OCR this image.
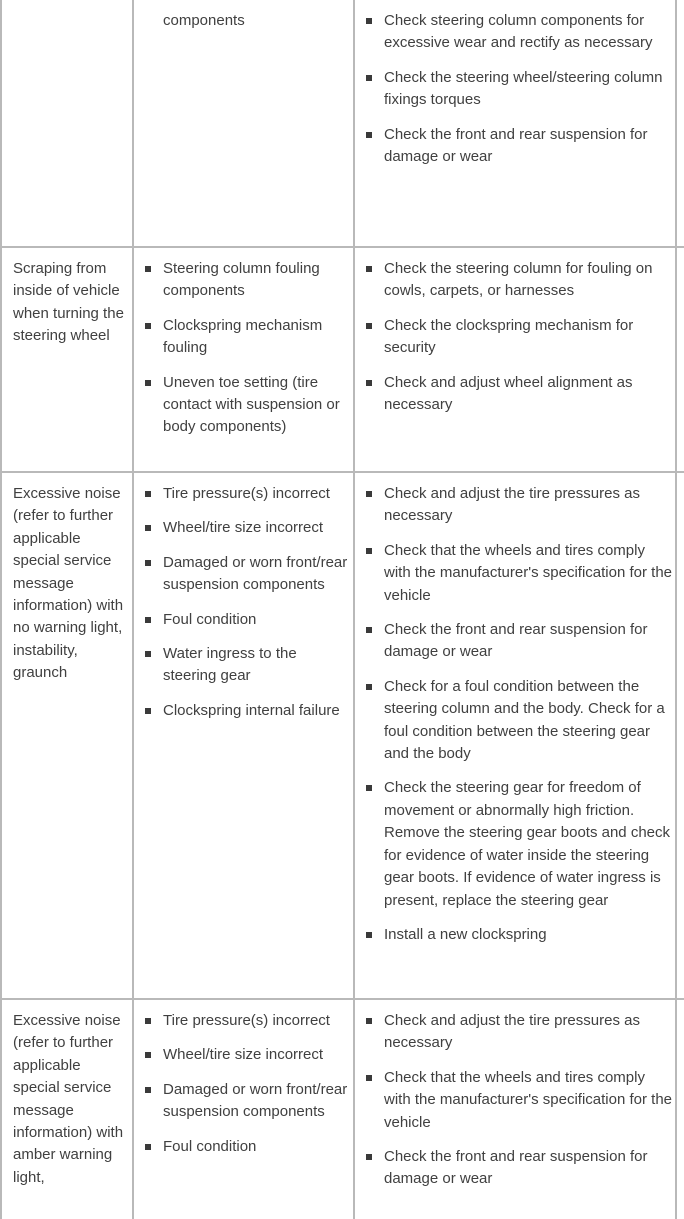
components	Check steering column components for excessive wear and rectify as necessary
Check the steering wheel/steering column fixings torques
Check the front and rear suspension for damage or wear
Scraping from inside of vehicle when turning the steering wheel
Steering column fouling components
Clockspring mechanism fouling
Uneven toe setting (tire contact with suspension or body components)
Check the steering column for fouling on cowls, carpets, or harnesses
Check the clockspring mechanism for security
Check and adjust wheel alignment as necessary
Excessive noise (refer to further applicable special service message information) with no warning light, instability, graunch
Tire pressure(s) incorrect
Wheel/tire size incorrect
Damaged or worn front/rear suspension components
Foul condition
Water ingress to the steering gear
Clockspring internal failure
Check and adjust the tire pressures as necessary
Check that the wheels and tires comply with the manufacturer's specification for the vehicle
Check the front and rear suspension for damage or wear
Check for a foul condition between the steering column and the body. Check for a foul condition between the steering gear and the body
Check the steering gear for freedom of movement or abnormally high friction. Remove the steering gear boots and check for evidence of water inside the steering gear boots. If evidence of water ingress is present, replace the steering gear
Install a new clockspring
Excessive noise (refer to further applicable special service message information) with amber warning light,
Tire pressure(s) incorrect
Wheel/tire size incorrect
Damaged or worn front/rear suspension components
Foul condition
Check and adjust the tire pressures as necessary
Check that the wheels and tires comply with the manufacturer's specification for the vehicle
Check the front and rear suspension for damage or wear
